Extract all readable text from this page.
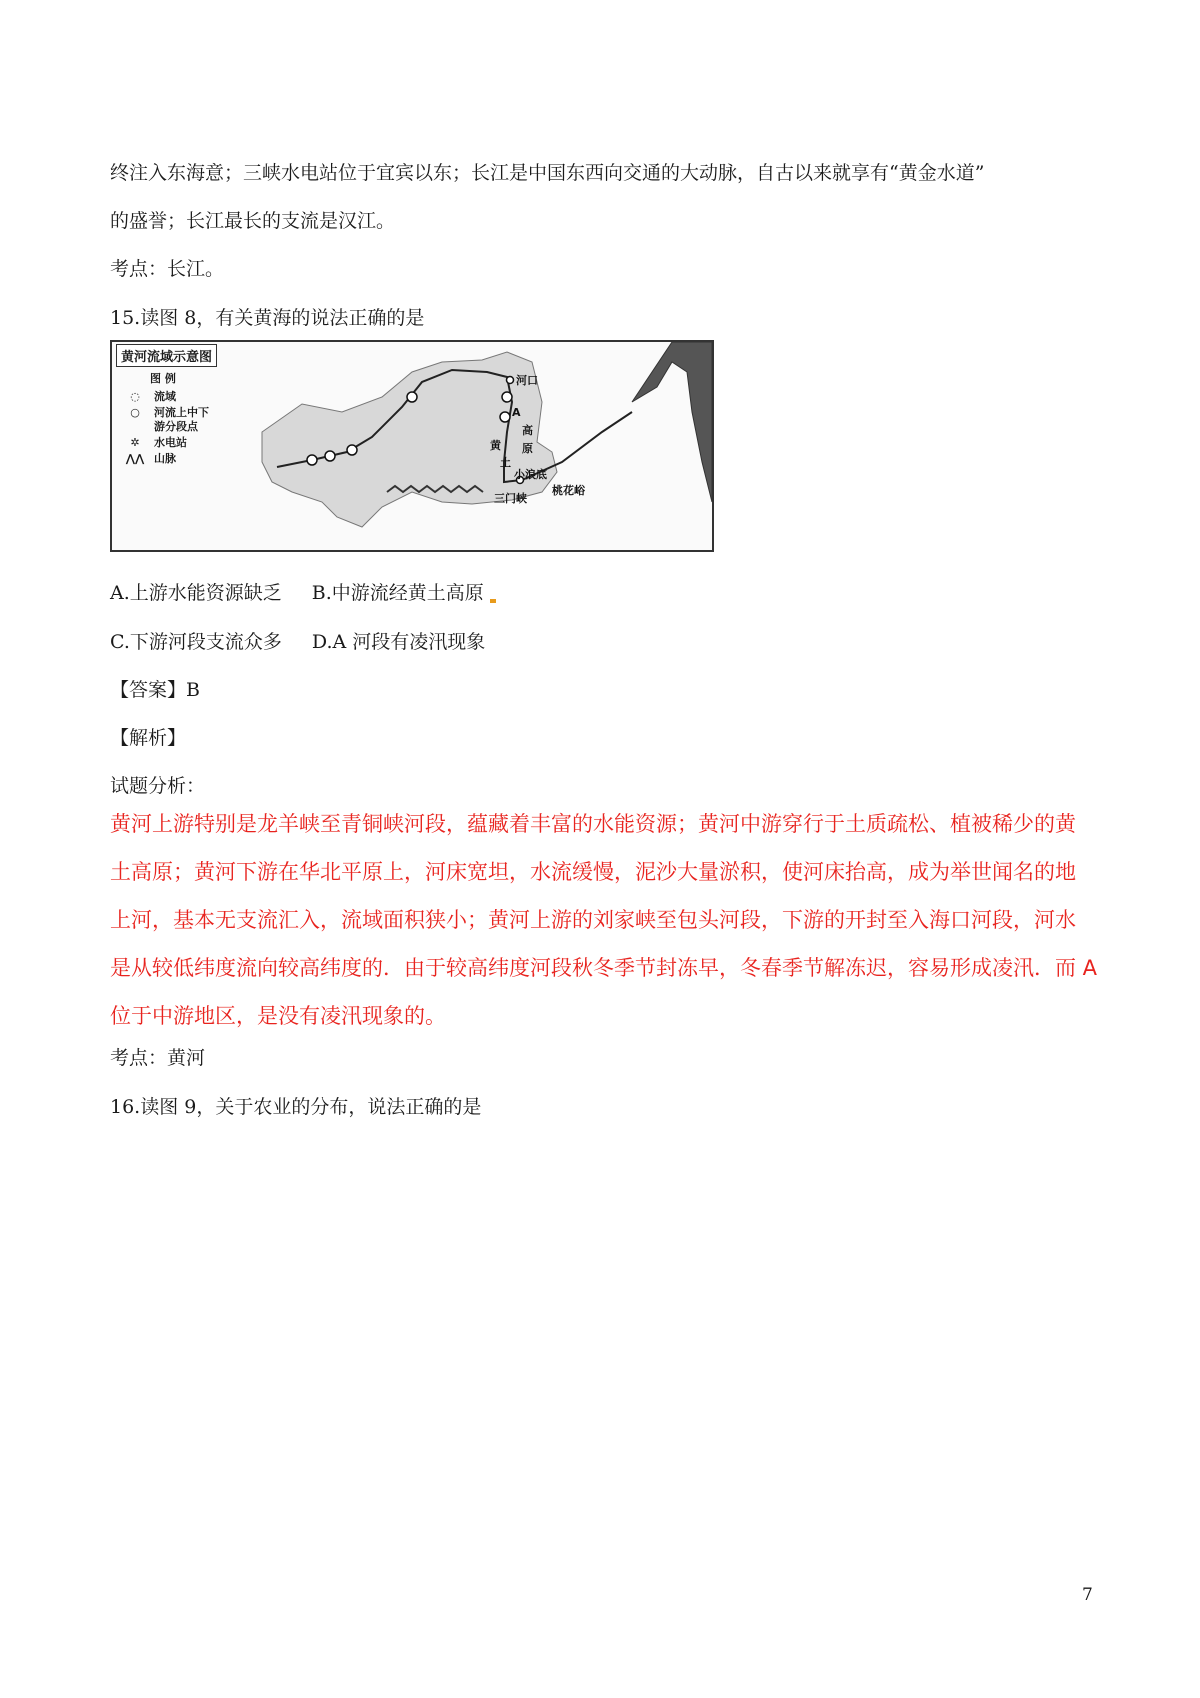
终注入东海意；三峡水电站位于宜宾以东；长江是中国东西向交通的大动脉，自古以来就享有“黄金水道”
的盛誉；长江最长的支流是汉江。
考点：长江。
15.读图 8，有关黄海的说法正确的是
黄河流域示意图
图 例
◌	流域
○	河流上中下游分段点
✲	水电站
⋀⋀ 山脉
河口
黄
土
高
原
A
小浪底
三门峡
桃花峪
A.上游水能资源缺乏 B.中游流经黄土高原
C.下游河段支流众多 D.A 河段有凌汛现象
【答案】B
【解析】
试题分析：
黄河上游特别是龙羊峡至青铜峡河段，蕴藏着丰富的水能资源；黄河中游穿行于土质疏松、植被稀少的黄
土高原；黄河下游在华北平原上，河床宽坦，水流缓慢，泥沙大量淤积，使河床抬高，成为举世闻名的地
上河，基本无支流汇入，流域面积狭小；黄河上游的刘家峡至包头河段，下游的开封至入海口河段，河水
是从较低纬度流向较高纬度的．由于较高纬度河段秋冬季节封冻早，冬春季节解冻迟，容易形成凌汛．而 A
位于中游地区，是没有凌汛现象的。
考点：黄河
16.读图 9，关于农业的分布，说法正确的是
7
